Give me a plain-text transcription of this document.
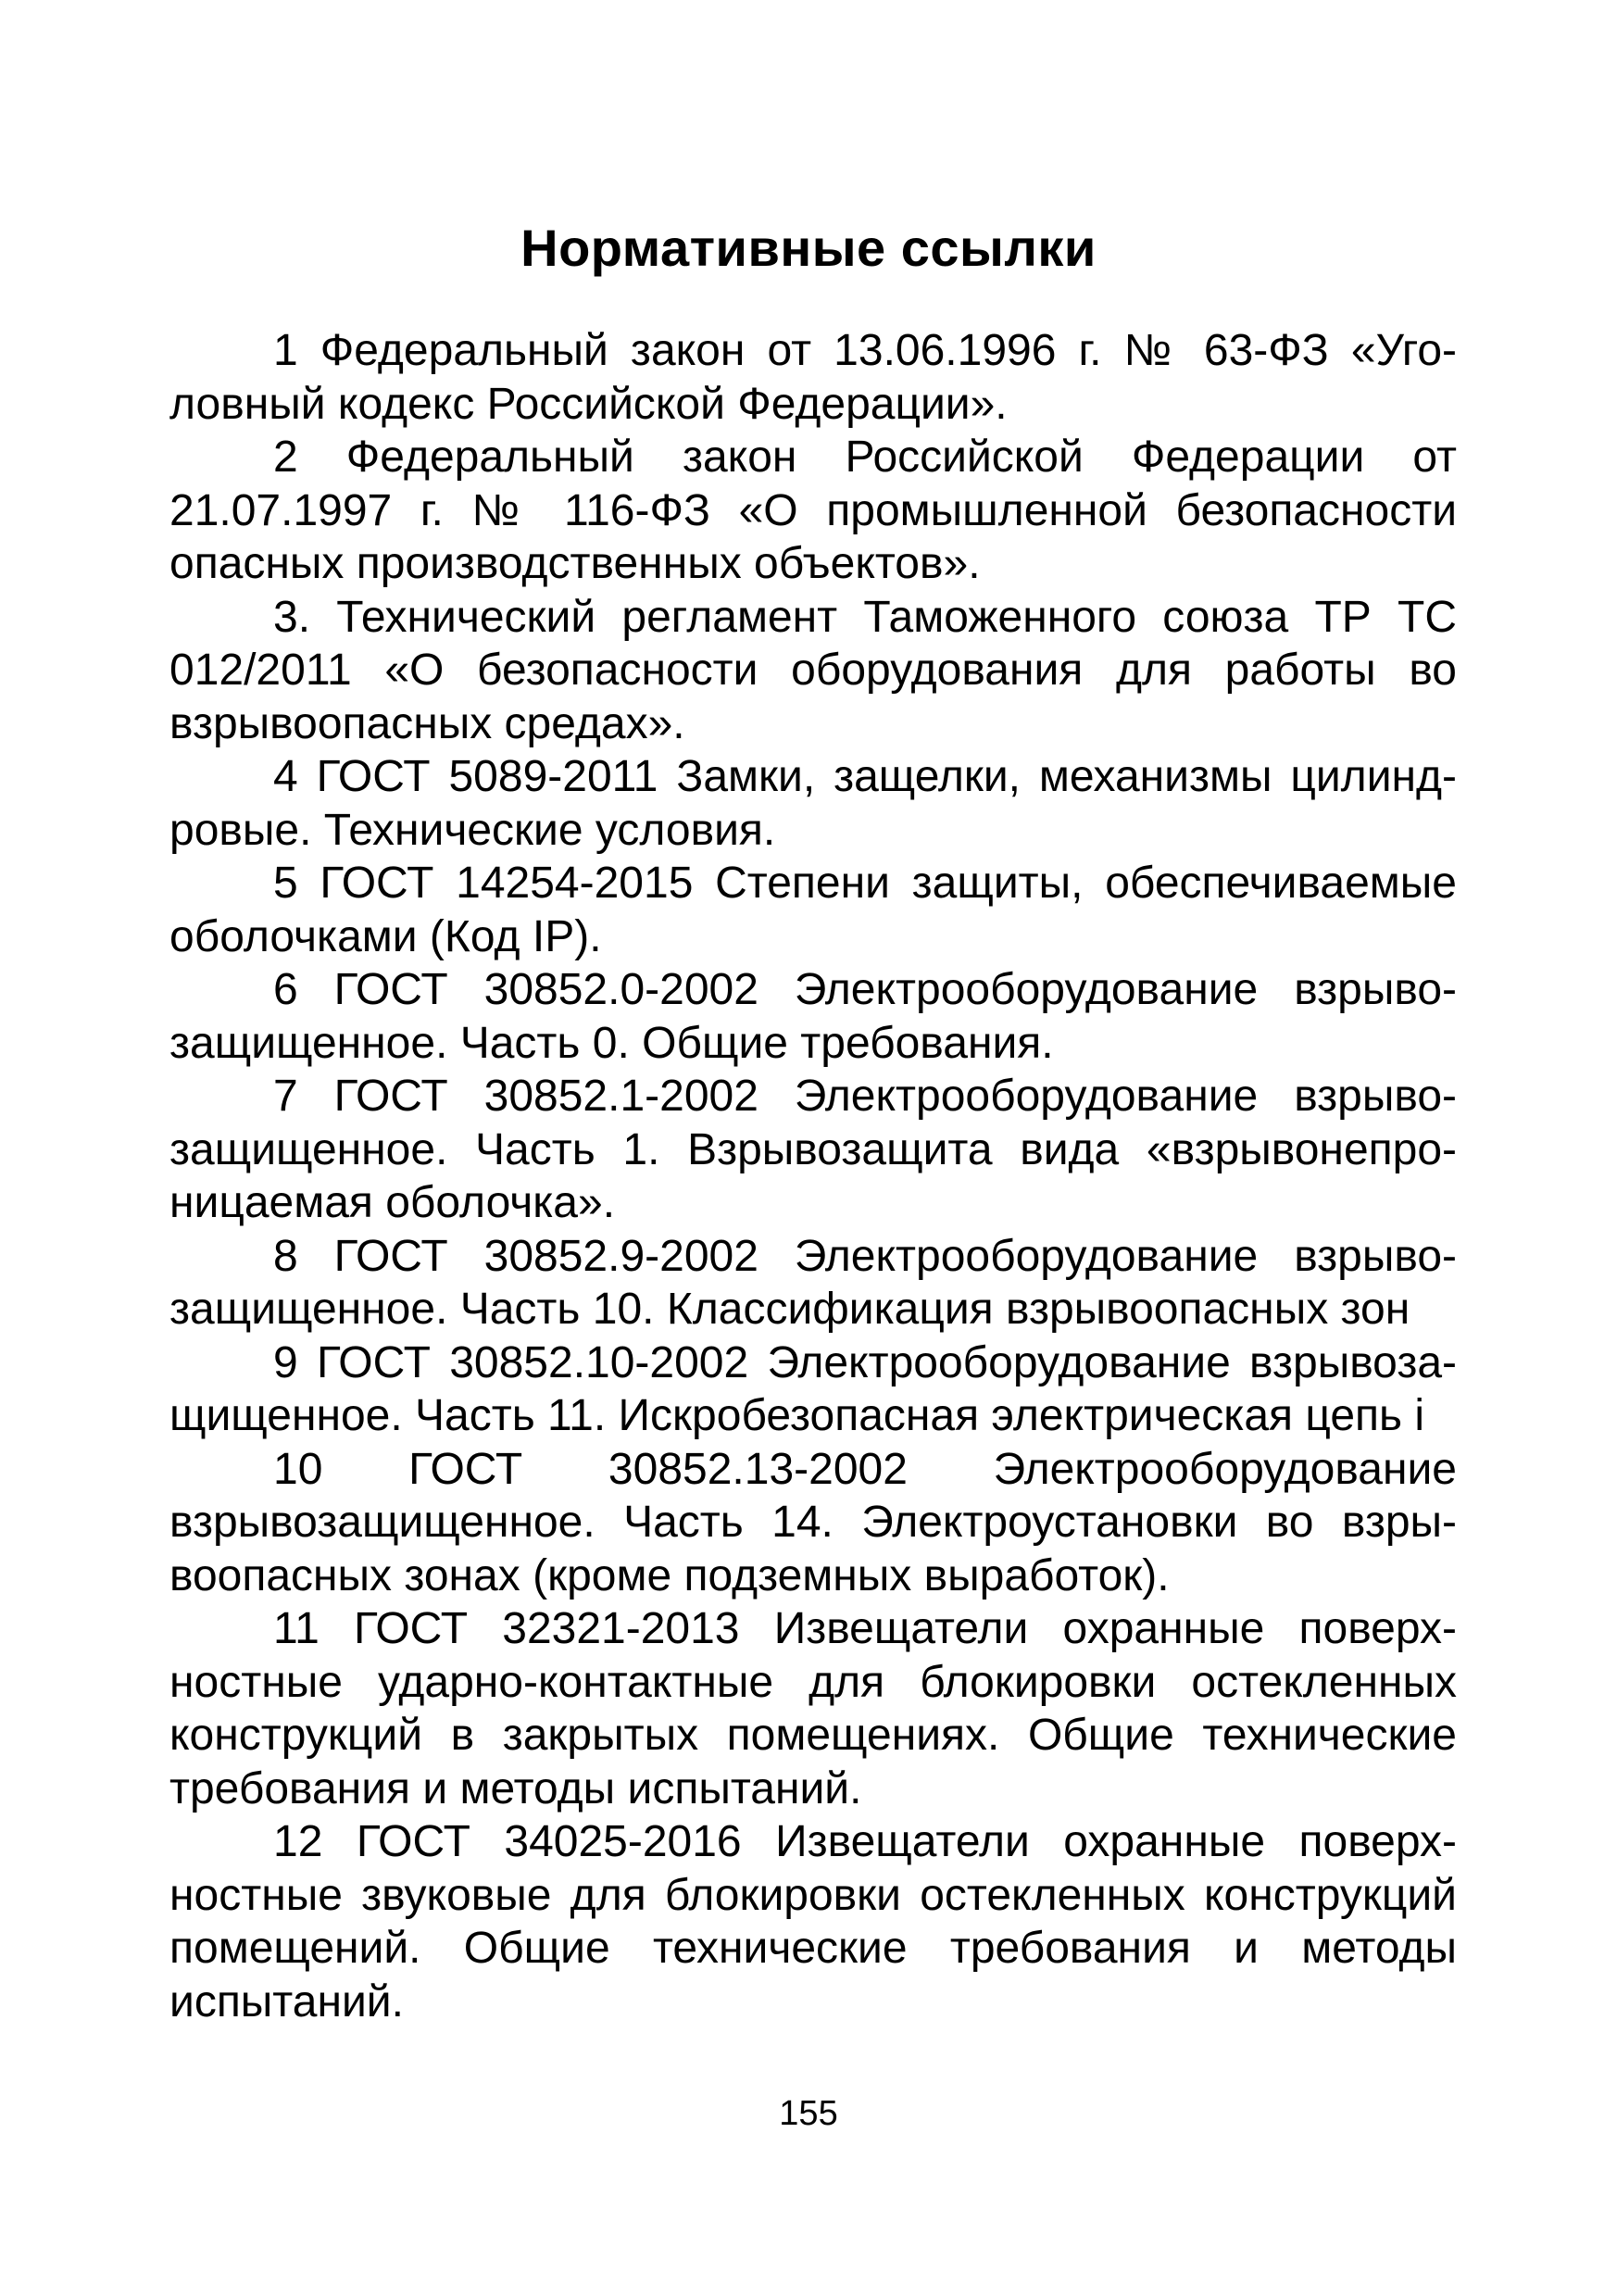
Нормативные ссылки

1 Федеральный закон от 13.06.1996 г. № 63-ФЗ «Уголовный кодекс Российской Федерации».

2 Федеральный закон Российской Федерации от 21.07.1997 г. № 116-ФЗ «О промышленной безопасности опасных производственных объектов».

3. Технический регламент Таможенного союза ТР ТС 012/2011 «О безопасности оборудования для работы во взрывоопасных средах».

4 ГОСТ 5089-2011 Замки, защелки, механизмы цилиндровые. Технические условия.

5 ГОСТ 14254-2015 Степени защиты, обеспечиваемые оболочками (Код IP).

6 ГОСТ 30852.0-2002 Электрооборудование взрывозащищенное. Часть 0. Общие требования.

7 ГОСТ 30852.1-2002 Электрооборудование взрывозащищенное. Часть 1. Взрывозащита вида «взрывонепроницаемая оболочка».

8 ГОСТ 30852.9-2002 Электрооборудование взрывозащищенное. Часть 10. Классификация взрывоопасных зон

9 ГОСТ 30852.10-2002 Электрооборудование взрывозащищенное. Часть 11. Искробезопасная электрическая цепь i

10 ГОСТ 30852.13-2002 Электрооборудование взрывозащищенное. Часть 14. Электроустановки во взрывоопасных зонах (кроме подземных выработок).

11 ГОСТ 32321-2013 Извещатели охранные поверхностные ударно-контактные для блокировки остекленных конструкций в закрытых помещениях. Общие технические требования и методы испытаний.

12 ГОСТ 34025-2016 Извещатели охранные поверхностные звуковые для блокировки остекленных конструкций помещений. Общие технические требования и методы испытаний.

155
